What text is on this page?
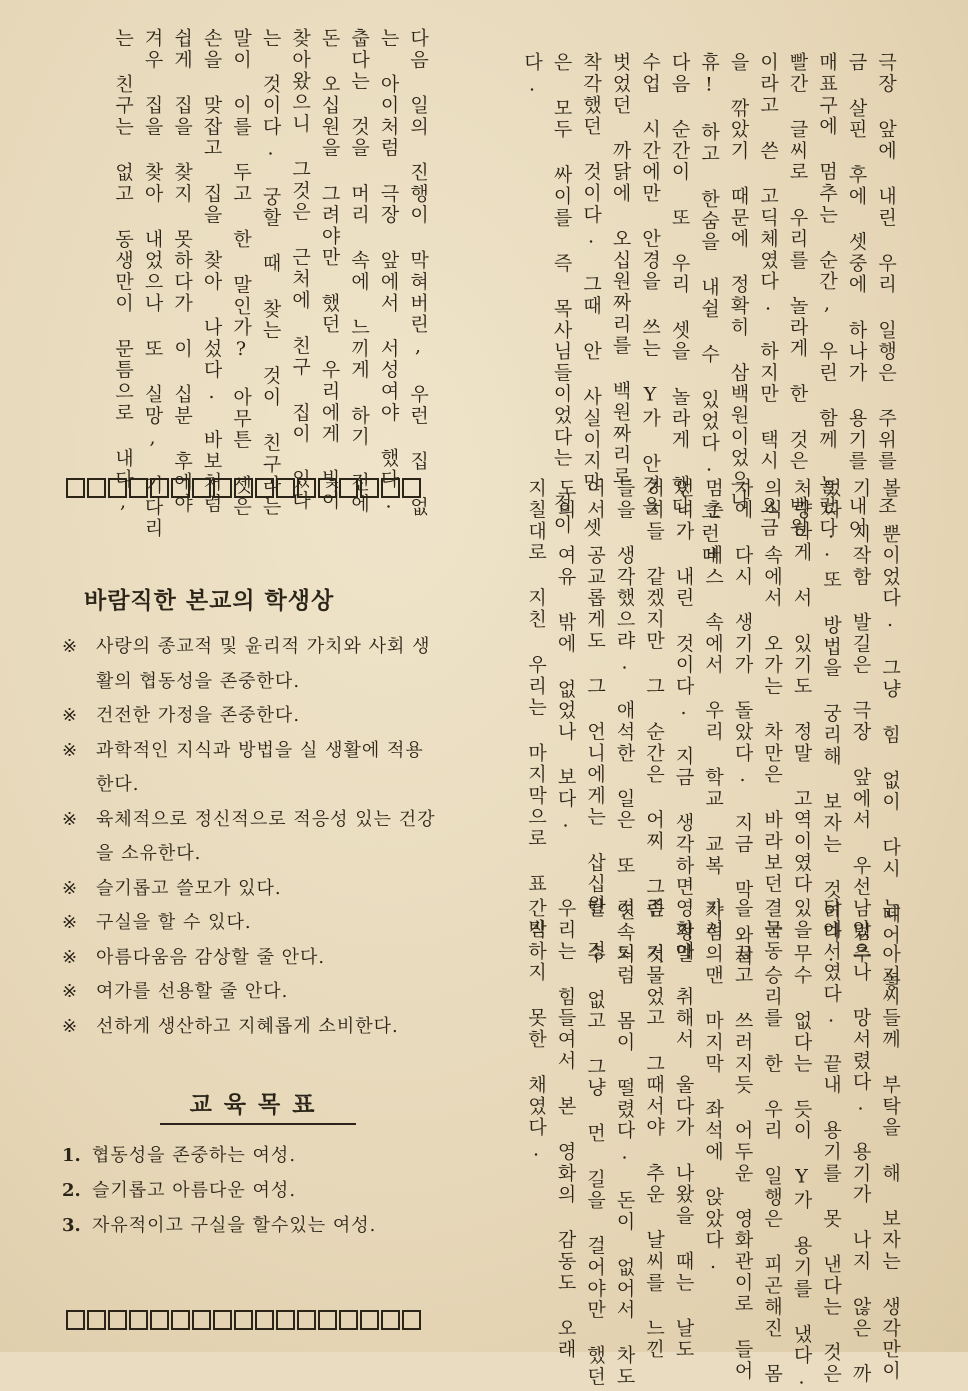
극장 앞에 내린 우리 일행은 주위를 조
금 살핀 후에 셋중에 하나가 용기를 내어
매표구에 멈추는 순간, 우린 함께 놀랐다.
빨간 글씨로 우리를 놀라게 한 것은 백원
이라고 쓴 고딕체였다. 하지만 택시 요금
을 깎았기 때문에 정확히 삼백원이었으나
휴! 하고 한숨을 내쉴 수 있었다. 그런데
다음 순간이 또 우리 셋을 놀라게 했다.
수업 시간에만 안경을 쓰는 Y가 안경을
벗었던 까닭에 오십원짜리를 백원짜리로
착각했던 것이다. 그때 안 사실이지만 셋
은 모두 싸이를 즉 목사님들이었다는 점이
다.
볼 뿐이었다. 그냥 힘 없이 다시 떼어 놓
기 시작함 발길은 극장 앞에서 우선 멈추
었다. 또 방법을 궁리해 보자는 것이다.
처량하게 서 있기도 정말 고역이였다. 무
의식 속에서 오가는 차만은 바라보던 눈동
자에 다시 생기가 돌았다. 지금 막 와서
멈춘 버스 속에서 우리 학교 교복 차림의
언니가 내린 것이다. 지금 생각하면 정말
거지들 같겠지만 그 순간은 어찌 그런 것
들을 생각했으랴. 애석한 일은 또 연속되
어서 공교롭게도 그 언니에게는 삽십원 정
도의 여유 밖에 없었나 보다.
지칠대로 지친 우리는 마지막으로 표 받
는 아저씨들께 부탁을 해 보자는 생각만이
남았으나 망서렸다. 용기가 나지 않은 까
닭에서였다. 끝내 용기를 못 낸다는 것은
있을 수 없다는 듯이 Y가 용기를 냈다.
결국 승리를 한 우리 일행은 피곤해진 몸
을 끌고 쓰러지듯 어두운 영화관이로 들어
가서 맨 마지막 좌석에 앉았다.
영화에 취해서 울다가 나왔을 때는 날도
좀 저물었고 그때서야 추운 날씨를 느낀
것 처럼 몸이 떨렸다. 돈이 없어서 차도
탈 수 없고 그냥 먼 길을 걸어야만 했던
우리는 힘들여서 본 영화의 감동도 오래
간직하지 못한 채였다.
다음 일의 진행이 막혀버린, 우런 집 없
는 아이처럼 극장 앞에서 서성여야 했다.
춥다는 것을 머리 속에 느끼게 하기 전에
돈 오십원을 그려야만 했던 우리에게 빛이
찾아왔으니 그것은 근처에 친구 집이 있다
는 것이다. 궁할 때 찾는 것이 친구라는
말이 이를 두고 한 말인가? 아무튼 셋은
손을 맞잡고 집을 찾아 나섰다. 바보처럼
쉽게 집을 찾지 못하다가 이 십분 후에야
겨우 집을 찾아 내었으나 또 실망, 기다리
는 친구는 없고 동생만이 문틈으로 내다,
바람직한 본교의 학생상
※	사랑의 종교적 및 윤리적 가치와 사회 생활의 협동성을 존중한다.
※	건전한 가정을 존중한다.
※	과학적인 지식과 방법을 실 생활에 적용한다.
※	육체적으로 정신적으로 적응성 있는 건강을 소유한다.
※	슬기롭고 쓸모가 있다.
※	구실을 할 수 있다.
※	아름다움음 감상할 줄 안다.
※	여가를 선용할 줄 안다.
※	선하게 생산하고 지혜롭게 소비한다.
교육목표
1. 협동성을 존중하는 여성.
2. 슬기롭고 아름다운 여성.
3. 자유적이고 구실을 할수있는 여성.
